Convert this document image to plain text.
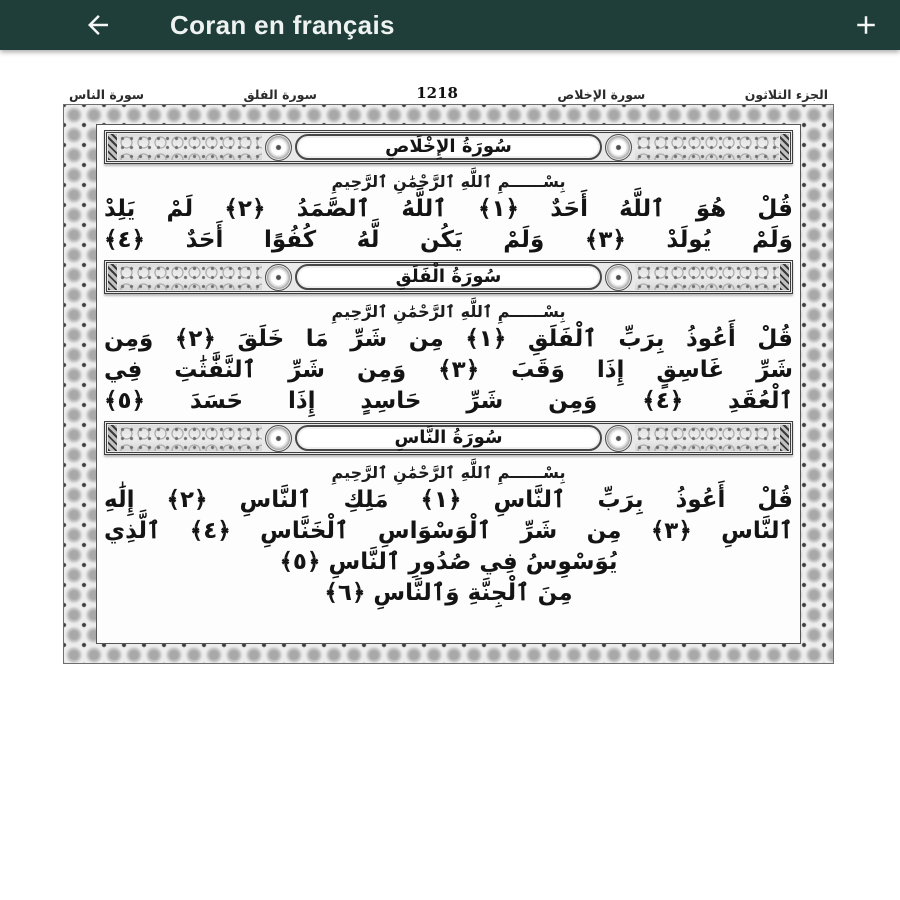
Coran en français
سورة الناس	سورة الفلق	1218	سورة الإخلاص	الجزء الثلاثون
سُورَةُ الإِخْلَاصِ
بِسْــــــمِ ٱللَّهِ ٱلرَّحْمَٰنِ ٱلرَّحِيمِ
قُلْ هُوَ ٱللَّهُ أَحَدٌ ﴿١﴾ ٱللَّهُ ٱلصَّمَدُ ﴿٢﴾ لَمْ يَلِدْ
وَلَمْ يُولَدْ ﴿٣﴾ وَلَمْ يَكُن لَّهُ كُفُوًا أَحَدٌ ﴿٤﴾
سُورَةُ الْفَلَقِ
بِسْــــــمِ ٱللَّهِ ٱلرَّحْمَٰنِ ٱلرَّحِيمِ
قُلْ أَعُوذُ بِرَبِّ ٱلْفَلَقِ ﴿١﴾ مِن شَرِّ مَا خَلَقَ ﴿٢﴾ وَمِن
شَرِّ غَاسِقٍ إِذَا وَقَبَ ﴿٣﴾ وَمِن شَرِّ ٱلنَّفَّٰثَٰتِ فِي
ٱلْعُقَدِ ﴿٤﴾ وَمِن شَرِّ حَاسِدٍ إِذَا حَسَدَ ﴿٥﴾
سُورَةُ النَّاسِ
بِسْــــــمِ ٱللَّهِ ٱلرَّحْمَٰنِ ٱلرَّحِيمِ
قُلْ أَعُوذُ بِرَبِّ ٱلنَّاسِ ﴿١﴾ مَلِكِ ٱلنَّاسِ ﴿٢﴾ إِلَٰهِ
ٱلنَّاسِ ﴿٣﴾ مِن شَرِّ ٱلْوَسْوَاسِ ٱلْخَنَّاسِ ﴿٤﴾ ٱلَّذِي
يُوَسْوِسُ فِي صُدُورِ ٱلنَّاسِ ﴿٥﴾
مِنَ ٱلْجِنَّةِ وَٱلنَّاسِ ﴿٦﴾
